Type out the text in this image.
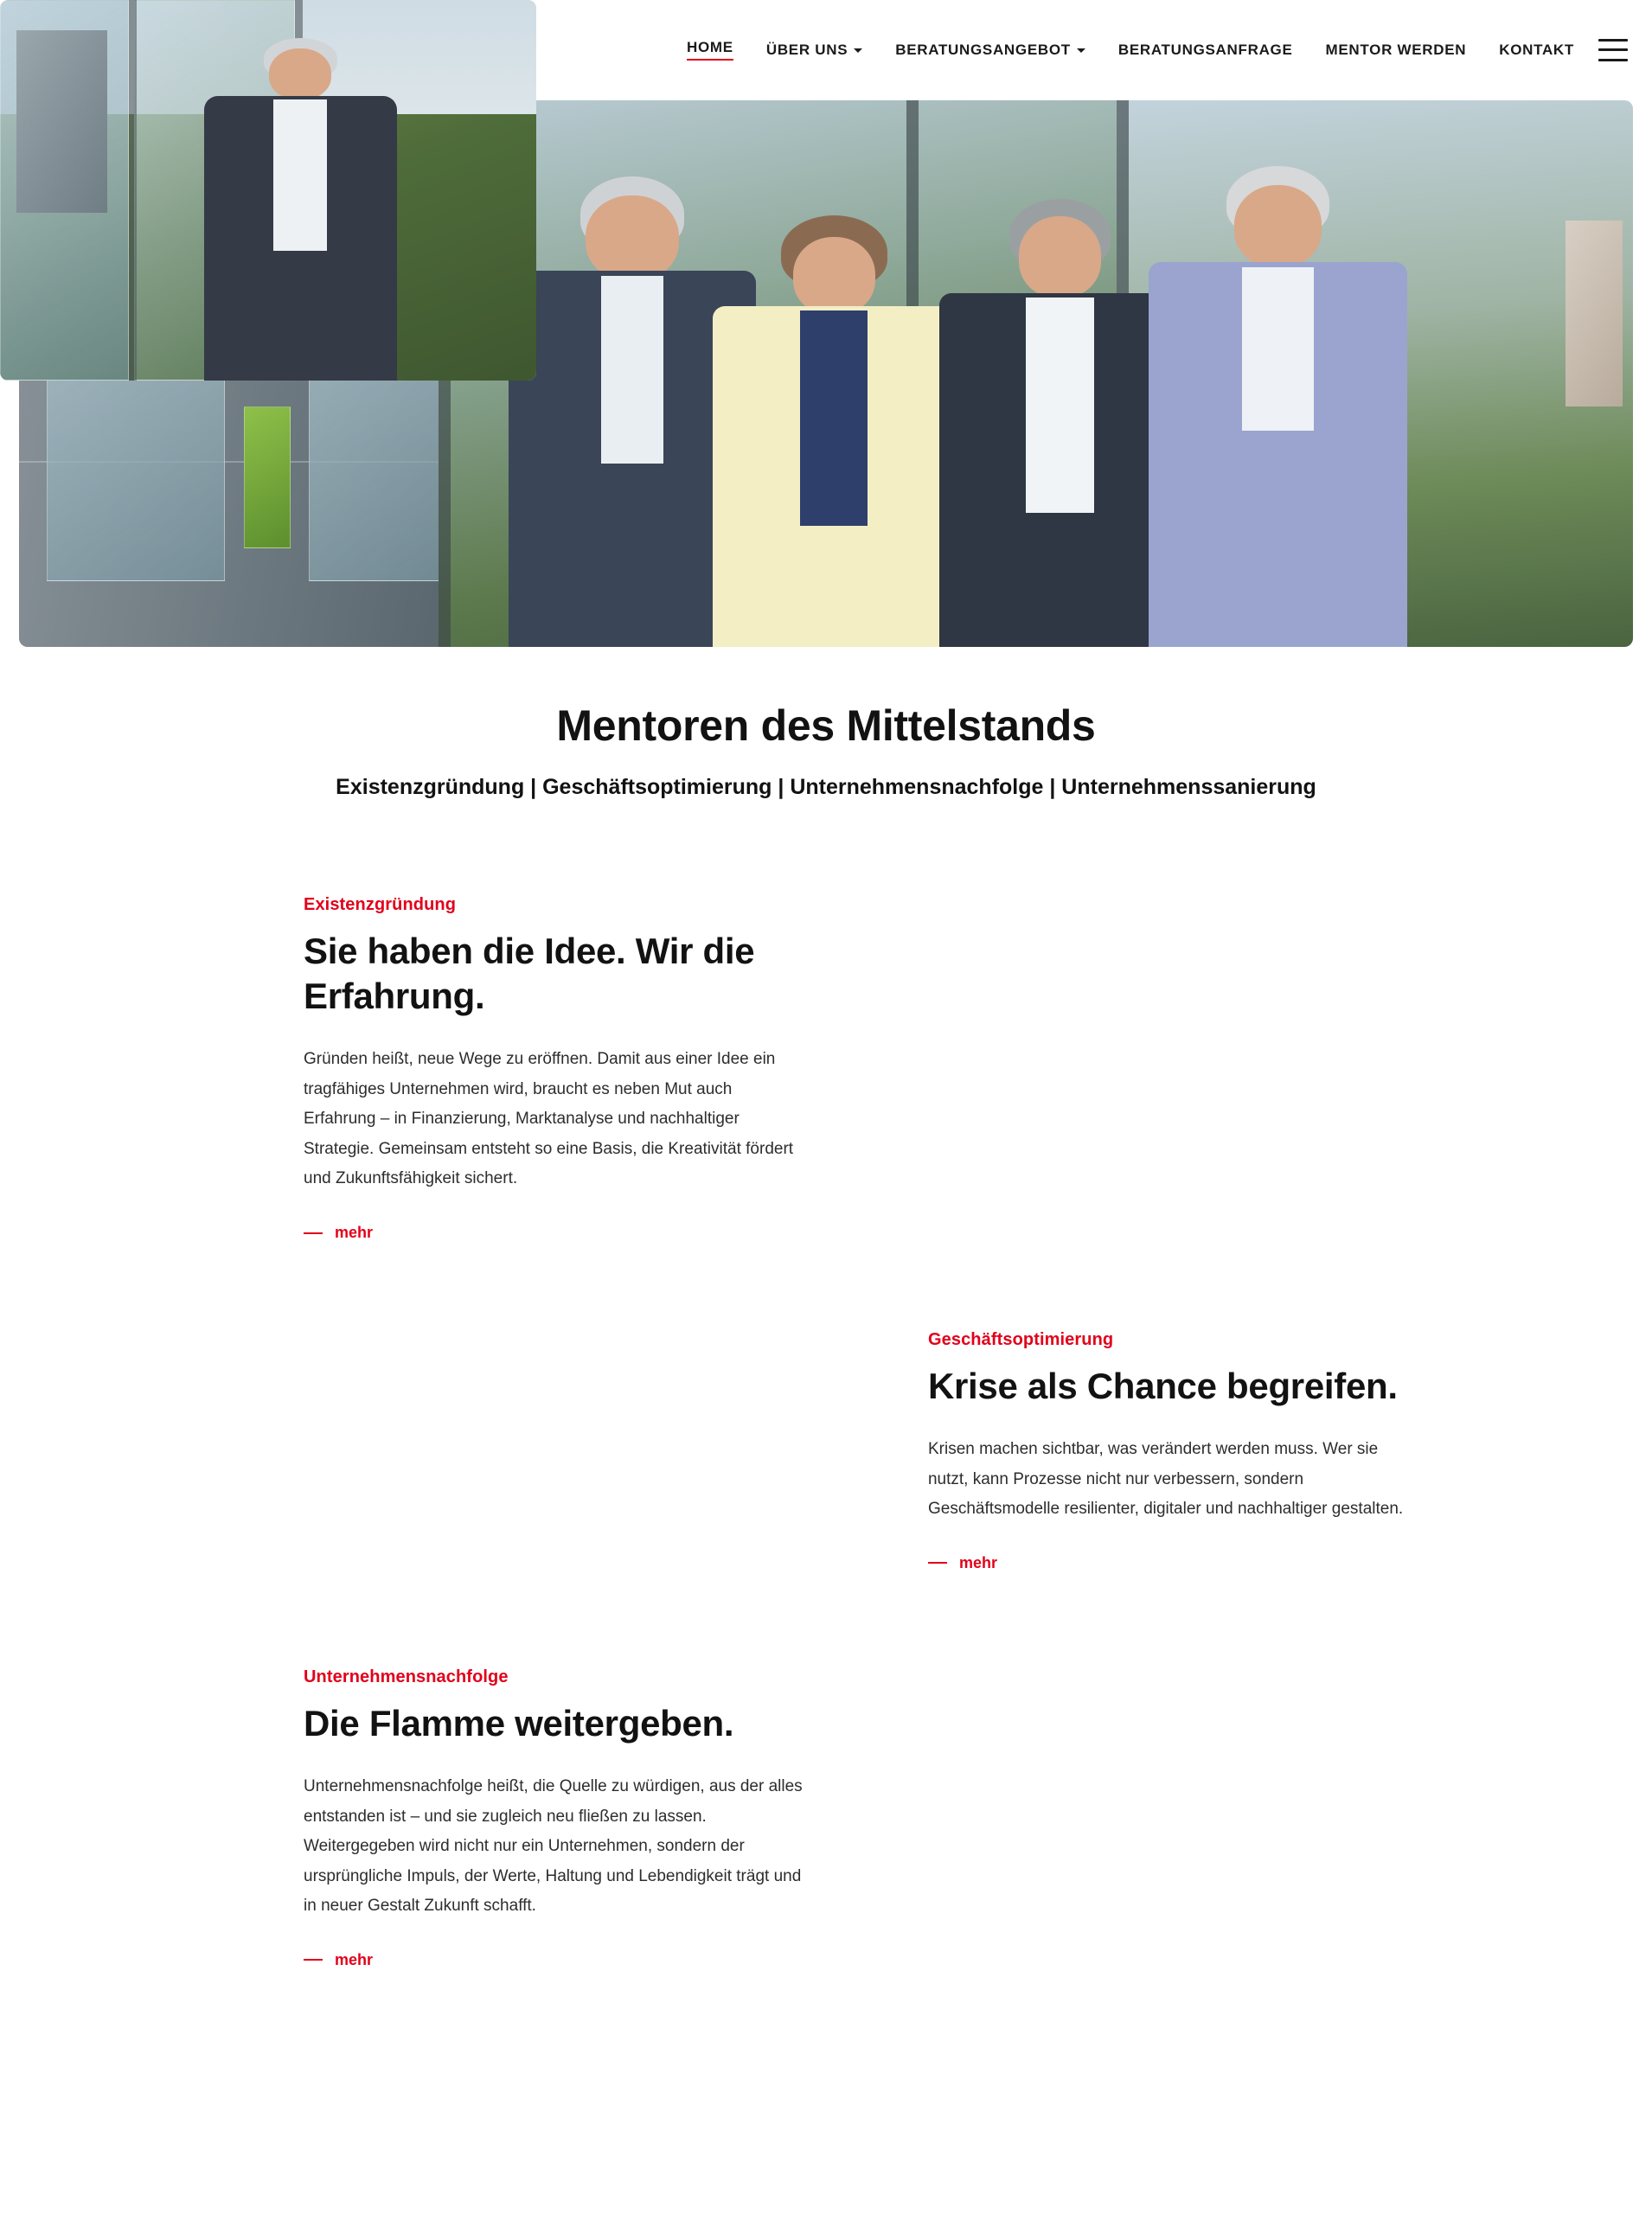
HOME ÜBER UNS	BERATUNGSANGEBOT	BERATUNGSANFRAGE MENTOR WERDEN KONTAKT
Mentoren des Mittelstands

Existenzgründung | Geschäftsoptimierung | Unternehmensnachfolge | Unternehmenssanierung

Existenzgründung

Sie haben die Idee. Wir die Erfahrung.

Gründen heißt, neue Wege zu eröffnen. Damit aus einer Idee ein tragfähiges Unternehmen wird, braucht es neben Mut auch Erfahrung – in Finanzierung, Marktanalyse und nachhaltiger Strategie. Gemeinsam entsteht so eine Basis, die Kreativität fördert und Zukunftsfähigkeit sichert.

mehr

Geschäftsoptimierung

Krise als Chance begreifen.

Krisen machen sichtbar, was verändert werden muss. Wer sie nutzt, kann Prozesse nicht nur verbessern, sondern Geschäftsmodelle resilienter, digitaler und nachhaltiger gestalten.

mehr

Unternehmensnachfolge

Die Flamme weitergeben.

Unternehmensnachfolge heißt, die Quelle zu würdigen, aus der alles entstanden ist – und sie zugleich neu fließen zu lassen. Weitergegeben wird nicht nur ein Unternehmen, sondern der ursprüngliche Impuls, der Werte, Haltung und Lebendigkeit trägt und in neuer Gestalt Zukunft schafft.

mehr
